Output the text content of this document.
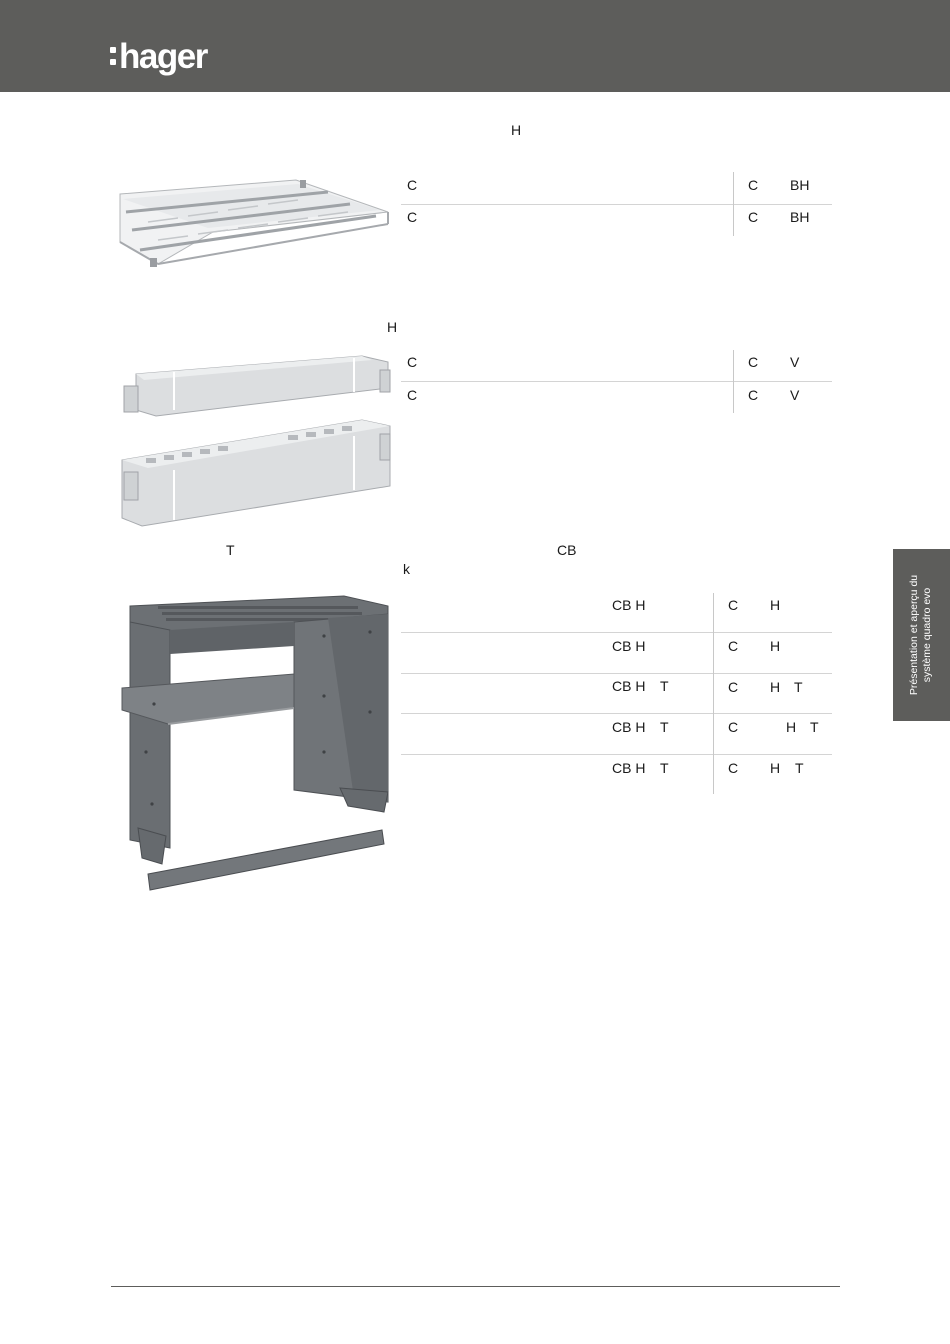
hager
H
C	C BH
C	C BH
H
C	C V
C	C V
T	CB
k
CB H	C H
CB H	C H
CB H T	C H T
CB H T	C	H T
CB H T	C H T
Présentation et aperçu du système quadro evo
